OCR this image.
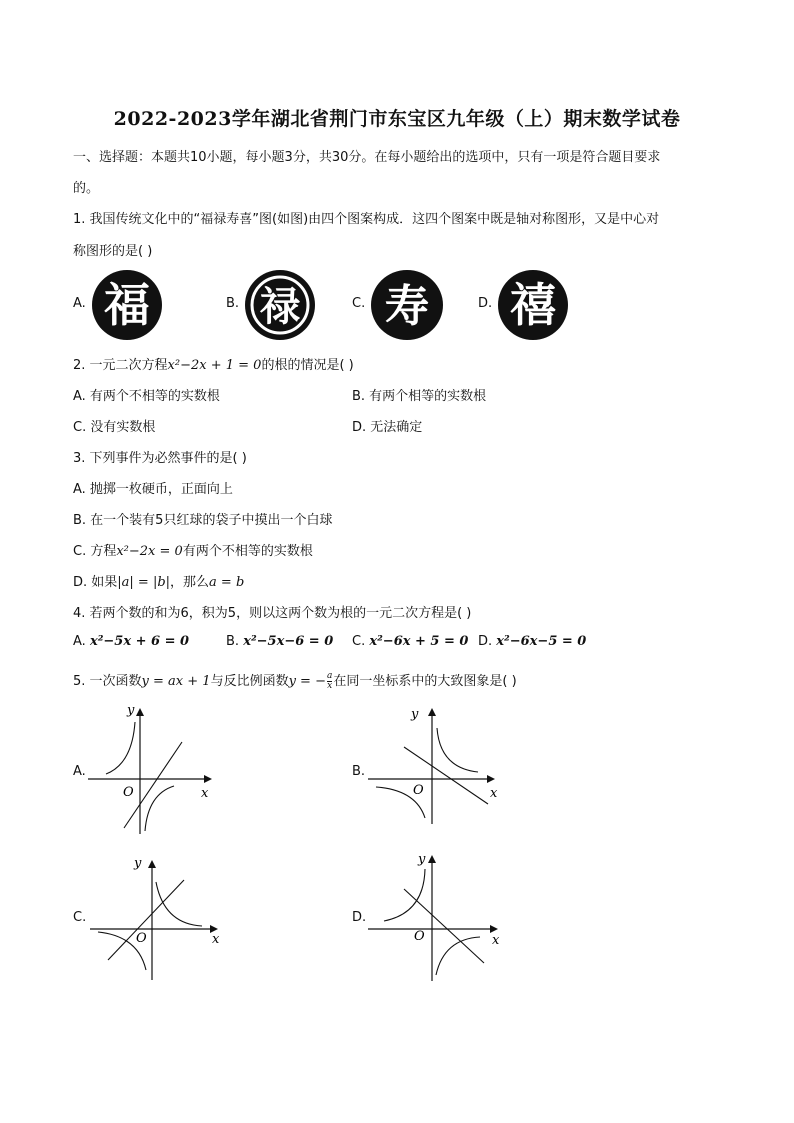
2022-2023学年湖北省荆门市东宝区九年级（上）期末数学试卷
一、选择题：本题共10小题，每小题3分，共30分。在每小题给出的选项中，只有一项是符合题目要求
的。
1. 我国传统文化中的“福禄寿喜”图(如图)由四个图案构成．这四个图案中既是轴对称图形，又是中心对
称图形的是( )
A. 福	B. 禄	C. 寿	D. 禧
2. 一元二次方程x²−2x + 1 = 0的根的情况是( )
A. 有两个不相等的实数根	B. 有两个相等的实数根
C. 没有实数根	D. 无法确定
3. 下列事件为必然事件的是( )
A. 抛掷一枚硬币，正面向上
B. 在一个装有5只红球的袋子中摸出一个白球
C. 方程x²−2x = 0有两个不相等的实数根
D. 如果|a| = |b|，那么a = b
4. 若两个数的和为6，积为5，则以这两个数为根的一元二次方程是( )
A. x²−5x + 6 = 0	B. x²−5x−6 = 0 C. x²−6x + 5 = 0 D. x²−6x−5 = 0
5. 一次函数y = ax + 1与反比例函数y = − $\frac{a}{x}$ 在同一坐标系中的大致图象是( )
A.
y
x
O
B.
y
x
O
C.
y
x
O
D.
y
x
O
